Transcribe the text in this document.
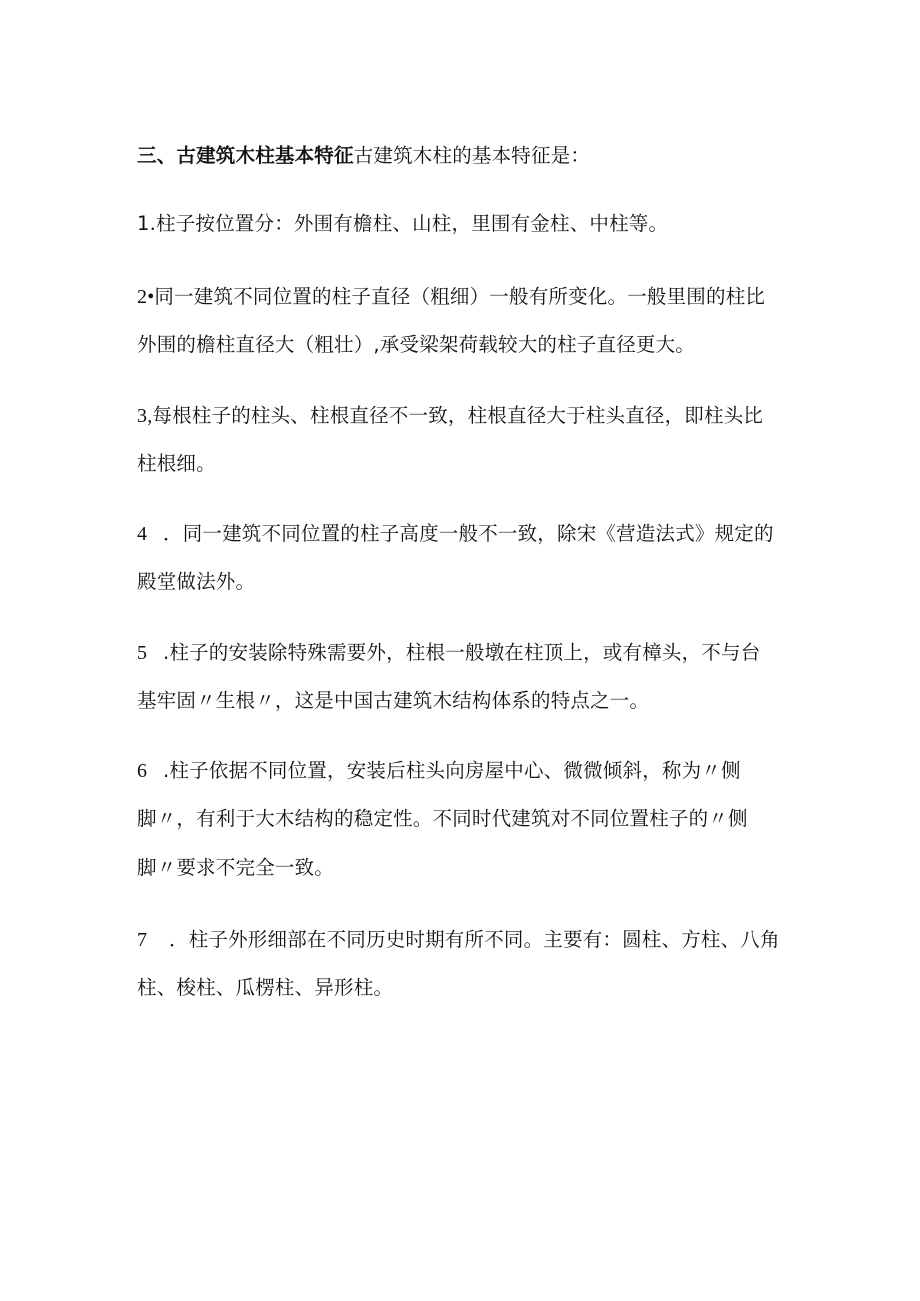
三、古建筑木柱基本特征古建筑木柱的基本特征是：
1.柱子按位置分：外围有檐柱、山柱，里围有金柱、中柱等。
2•同一建筑不同位置的柱子直径（粗细）一般有所变化。一般里围的柱比
外围的檐柱直径大（粗壮）,承受梁架荷载较大的柱子直径更大。
3,每根柱子的柱头、柱根直径不一致，柱根直径大于柱头直径，即柱头比
柱根细。
4 ．同一建筑不同位置的柱子高度一般不一致，除宋《营造法式》规定的
殿堂做法外。
5 .柱子的安装除特殊需要外，柱根一般墩在柱顶上，或有樟头，不与台
基牢固〃生根〃，这是中国古建筑木结构体系的特点之一。
6 .柱子依据不同位置，安装后柱头向房屋中心、微微倾斜，称为〃侧
脚〃，有利于大木结构的稳定性。不同时代建筑对不同位置柱子的〃侧
脚〃要求不完全一致。
7 ．柱子外形细部在不同历史时期有所不同。主要有：圆柱、方柱、八角
柱、梭柱、瓜楞柱、异形柱。
